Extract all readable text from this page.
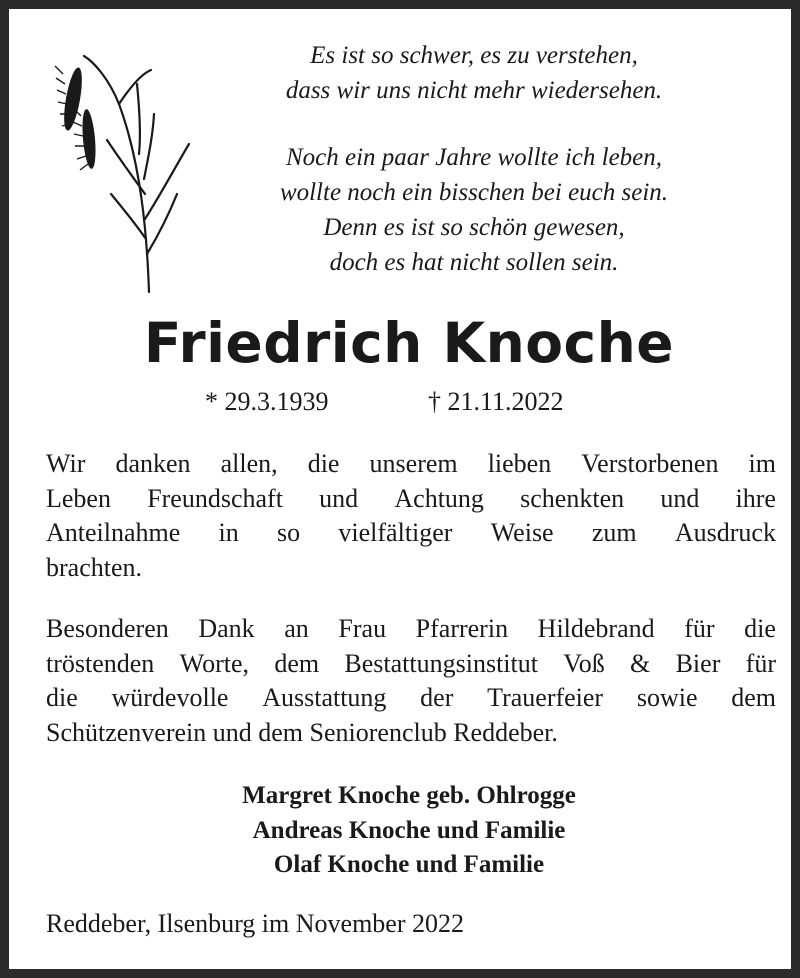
Es ist so schwer, es zu verstehen,
dass wir uns nicht mehr wiedersehen.
Noch ein paar Jahre wollte ich leben,
wollte noch ein bisschen bei euch sein.
Denn es ist so schön gewesen,
doch es hat nicht sollen sein.
Friedrich Knoche
* 29.3.1939	† 21.11.2022
Wir danken allen, die unserem lieben Verstorbenen im
Leben Freundschaft und Achtung schenkten und ihre
Anteilnahme in so vielfältiger Weise zum Ausdruck
brachten.
Besonderen Dank an Frau Pfarrerin Hildebrand für die
tröstenden Worte, dem Bestattungsinstitut Voß & Bier für
die würdevolle Ausstattung der Trauerfeier sowie dem
Schützenverein und dem Seniorenclub Reddeber.
Margret Knoche geb. Ohlrogge
Andreas Knoche und Familie
Olaf Knoche und Familie
Reddeber, Ilsenburg im November 2022
